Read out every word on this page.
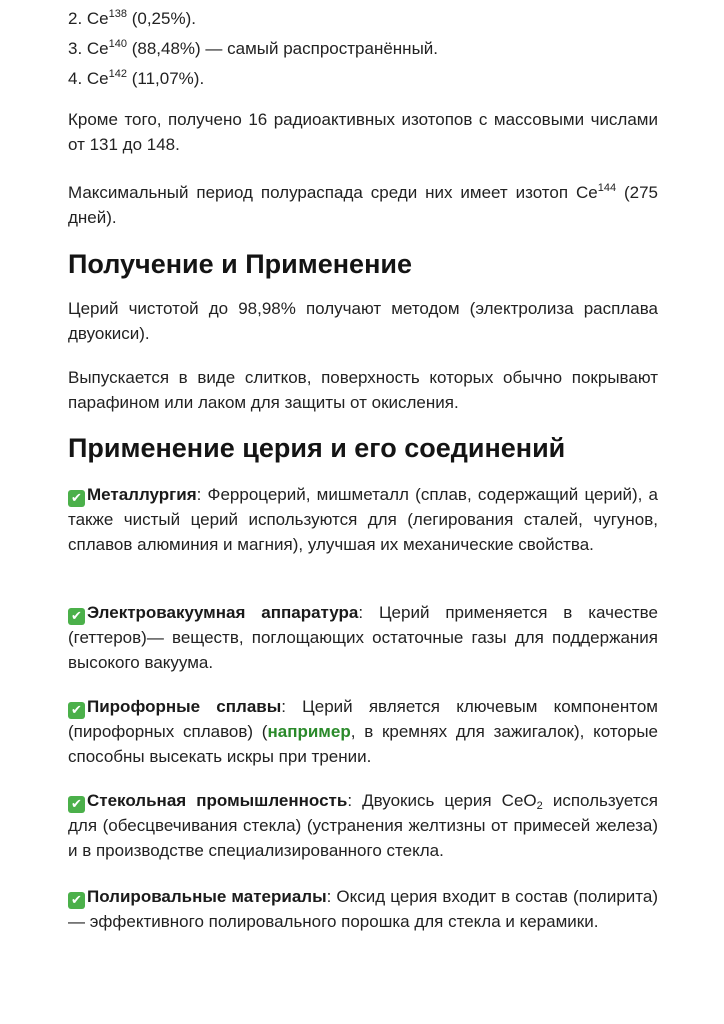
2. Ce$^{138}$ (0,25%).
3. Ce$^{140}$ (88,48%) — самый распространённый.
4. Ce$^{142}$ (11,07%).

Кроме того, получено 16 радиоактивных изотопов с массовыми числами от 131 до 148.

Максимальный период полураспада среди них имеет изотоп Ce$^{144}$ (275 дней).

Получение и Применение

Церий чистотой до 98,98% получают методом (электролиза расплава двуокиси).

Выпускается в виде слитков, поверхность которых обычно покрывают парафином или лаком для защиты от окисления.

Применение церия и его соединений
✔ Металлургия: Ферроцерий, мишметалл (сплав, содержащий церий), а также чистый церий используются для (легирования сталей, чугунов, сплавов алюминия и магния), улучшая их механические свойства.
✔ Электровакуумная аппаратура: Церий применяется в качестве (геттеров)— веществ, поглощающих остаточные газы для поддержания высокого вакуума.
✔ Пирофорные сплавы: Церий является ключевым компонентом (пирофорных сплавов) (например, в кремнях для зажигалок), которые способны высекать искры при трении.
✔ Стекольная промышленность: Двуокись церия CeO$_2$ используется для (обесцвечивания стекла) (устранения желтизны от примесей железа) и в производстве специализированного стекла.
✔ Полировальные материалы: Оксид церия входит в состав (полирита) — эффективного полировального порошка для стекла и керамики.
